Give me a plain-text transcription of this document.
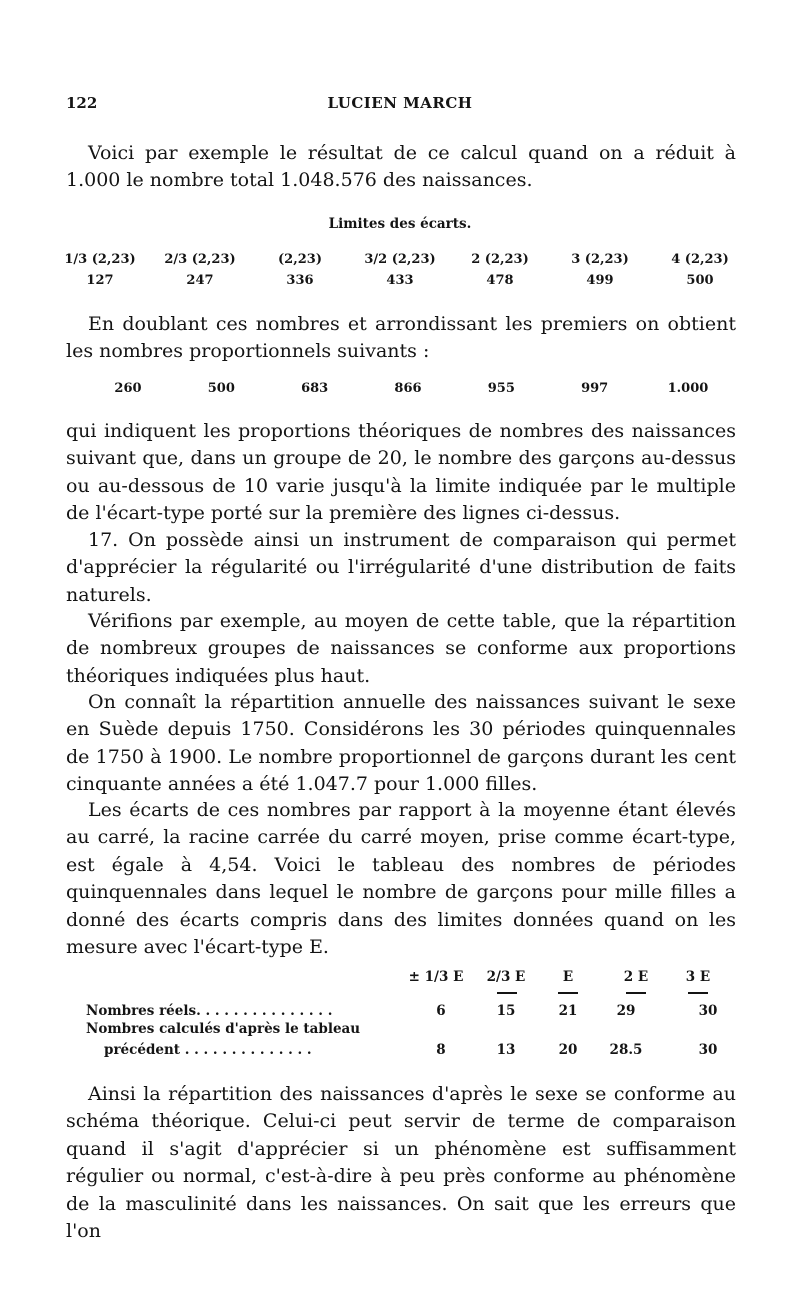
122	LUCIEN MARCH

Voici par exemple le résultat de ce calcul quand on a réduit à 1.000 le nombre total 1.048.576 des naissances.

Limites des écarts.
1/3 (2,23)	2/3 (2,23)	(2,23)	3/2 (2,23)	2 (2,23)	3 (2,23)	4 (2,23)
127	247	336	433	478	499	500

En doublant ces nombres et arrondissant les premiers on obtient les nombres proportionnels suivants :

260	500	683	866	955	997	1.000

qui indiquent les proportions théoriques de nombres des naissances suivant que, dans un groupe de 20, le nombre des garçons au-dessus ou au-dessous de 10 varie jusqu'à la limite indiquée par le multiple de l'écart-type porté sur la première des lignes ci-dessus.

17. On possède ainsi un instrument de comparaison qui permet d'apprécier la régularité ou l'irrégularité d'une distribution de faits naturels.

Vérifions par exemple, au moyen de cette table, que la répartition de nombreux groupes de naissances se conforme aux proportions théoriques indiquées plus haut.

On connaît la répartition annuelle des naissances suivant le sexe en Suède depuis 1750. Considérons les 30 périodes quinquennales de 1750 à 1900. Le nombre proportionnel de garçons durant les cent cinquante années a été 1.047.7 pour 1.000 filles.

Les écarts de ces nombres par rapport à la moyenne étant élevés au carré, la racine carrée du carré moyen, prise comme écart-type, est égale à 4,54. Voici le tableau des nombres de périodes quinquennales dans lequel le nombre de garçons pour mille filles a donné des écarts compris dans des limites données quand on les mesure avec l'écart-type E.

± 1/3 E	2/3 E	E	2 E	3 E
Nombres réels. . . . . . . . . . . . . . .	6	15	21	29	30
Nombres calculés d'après le tableau
précédent . . . . . . . . . . . . . .	8	13	20	28.5	30

Ainsi la répartition des naissances d'après le sexe se conforme au schéma théorique. Celui-ci peut servir de terme de comparaison quand il s'agit d'apprécier si un phénomène est suffisamment régulier ou normal, c'est-à-dire à peu près conforme au phénomène de la masculinité dans les naissances. On sait que les erreurs que l'on
